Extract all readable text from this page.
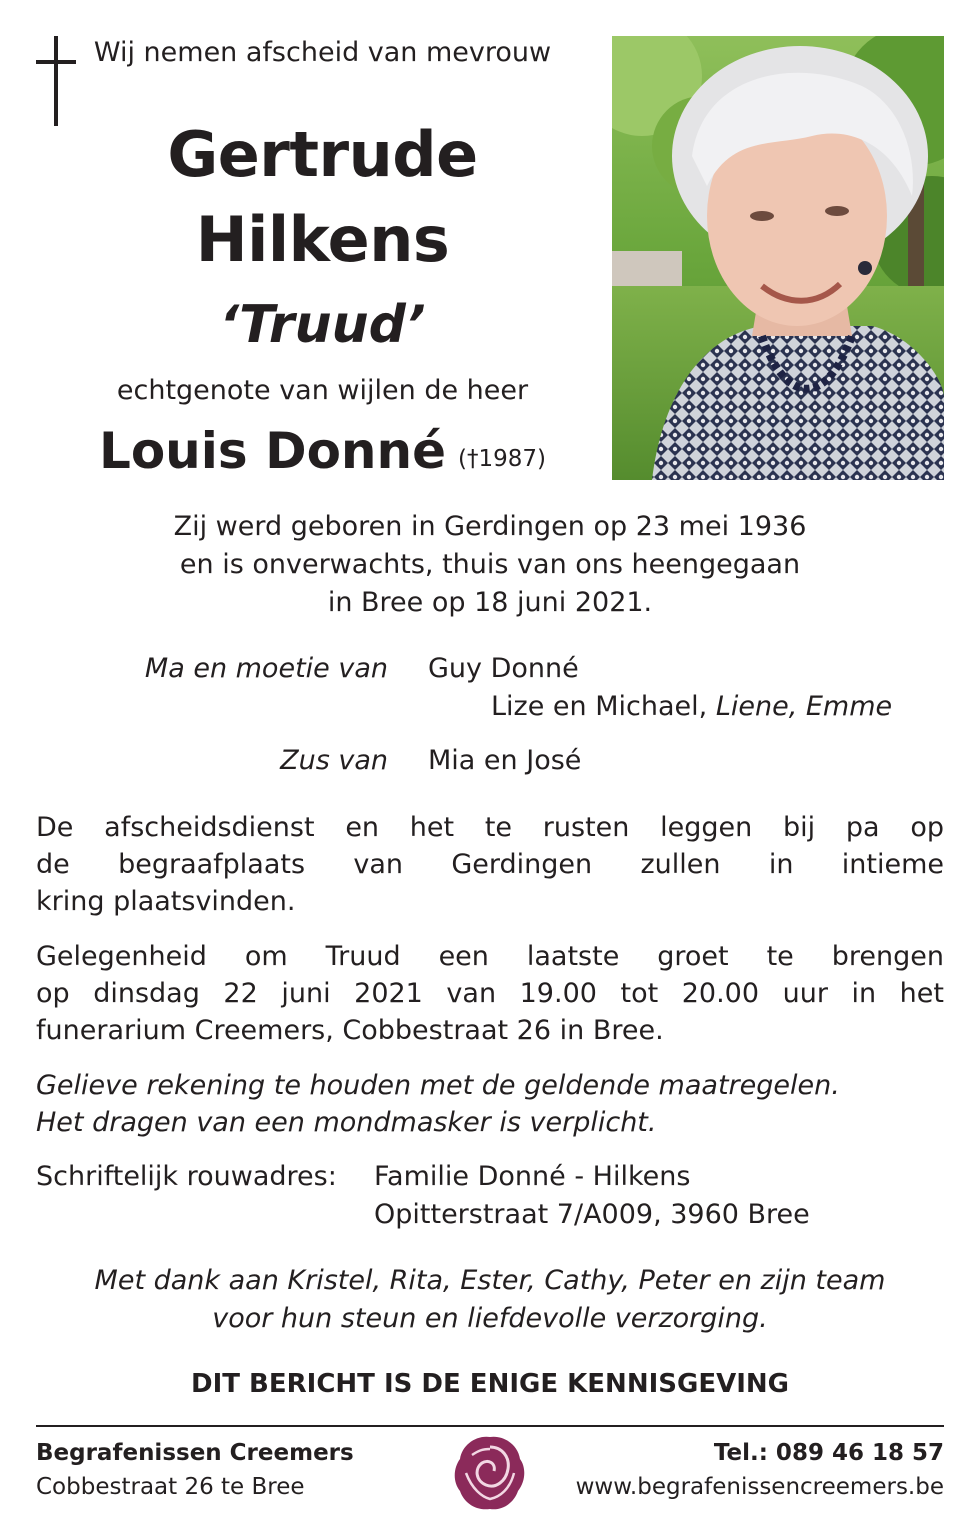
Wij nemen afscheid van mevrouw
Gertrude
Hilkens
‘Truud’
echtgenote van wijlen de heer
Louis Donné (†1987)
Zij werd geboren in Gerdingen op 23 mei 1936
en is onverwachts, thuis van ons heengegaan
in Bree op 18 juni 2021.
Ma en moetie van Guy Donné
Lize en Michael, Liene, Emme
Zus van Mia en José
De afscheidsdienst en het te rusten leggen bij pa op
de begraafplaats van Gerdingen zullen in intieme
kring plaatsvinden.
Gelegenheid om Truud een laatste groet te brengen
op dinsdag 22 juni 2021 van 19.00 tot 20.00 uur in het
funerarium Creemers, Cobbestraat 26 in Bree.
Gelieve rekening te houden met de geldende maatregelen.
Het dragen van een mondmasker is verplicht.
Schriftelijk rouwadres: Familie Donné - Hilkens
Opitterstraat 7/A009, 3960 Bree
Met dank aan Kristel, Rita, Ester, Cathy, Peter en zijn team
voor hun steun en liefdevolle verzorging.
DIT BERICHT IS DE ENIGE KENNISGEVING
Begrafenissen Creemers
Cobbestraat 26 te Bree
Tel.: 089 46 18 57
www.begrafenissencreemers.be
